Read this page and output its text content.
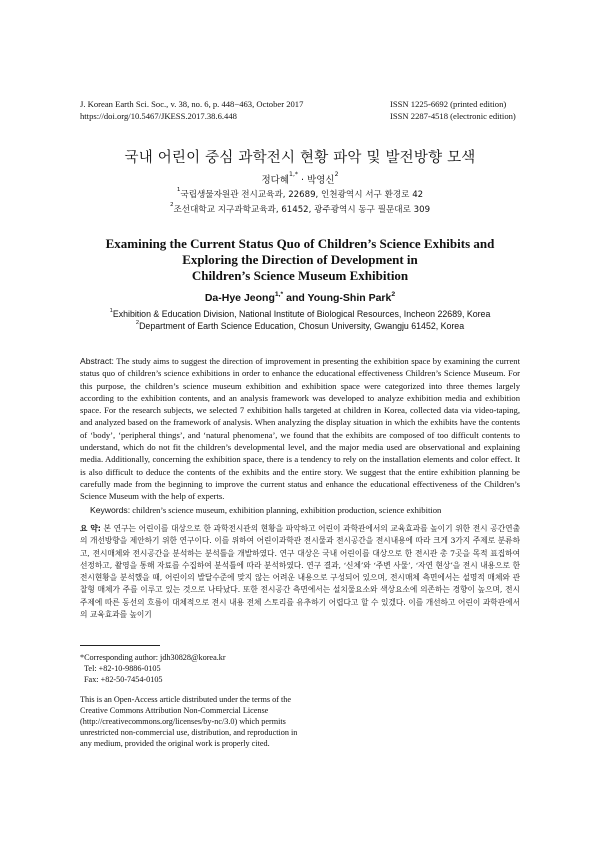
J. Korean Earth Sci. Soc., v. 38, no. 6, p. 448−463, October 2017
https://doi.org/10.5467/JKESS.2017.38.6.448
ISSN 1225-6692 (printed edition)
ISSN 2287-4518 (electronic edition)
국내 어린이 중심 과학전시 현황 파악 및 발전방향 모색
정다혜$^{1,*}$ · 박영신$^2$
$^1$국립생물자원관 전시교육과, 22689, 인천광역시 서구 환경로 42
$^2$조선대학교 지구과학교육과, 61452, 광주광역시 동구 필문대로 309
Examining the Current Status Quo of Children’s Science Exhibits and
Exploring the Direction of Development in
Children’s Science Museum Exhibition
Da-Hye Jeong$^{1,*}$ and Young-Shin Park$^2$
$^1$Exhibition & Education Division, National Institute of Biological Resources, Incheon 22689, Korea
$^2$Department of Earth Science Education, Chosun University, Gwangju 61452, Korea
Abstract: The study aims to suggest the direction of improvement in presenting the exhibition space by examining the current status quo of children’s science exhibitions in order to enhance the educational effectiveness Children’s Science Museum. For this purpose, the children’s science museum exhibition and exhibition space were categorized into three themes largely according to the exhibition contents, and an analysis framework was developed to analyze exhibition media and exhibition space. For the research subjects, we selected 7 exhibition halls targeted at children in Korea, collected data via video-taping, and analyzed based on the framework of analysis. When analyzing the display situation in which the exhibits have the contents of ‘body’, ‘peripheral things’, and ‘natural phenomena’, we found that the exhibits are composed of too difficult contents to understand, which do not fit the children’s developmental level, and the major media used are observational and explaining media. Additionally, concerning the exhibition space, there is a tendency to rely on the installation elements and color effect. It is also difficult to deduce the contents of the exhibits and the entire story. We suggest that the entire exhibition planning be carefully made from the beginning to improve the current status and enhance the educational effectiveness of the Children’s Science Museum with the help of experts.
Keywords: children’s science museum, exhibition planning, exhibition production, science exhibition
요 약: 본 연구는 어린이를 대상으로 한 과학전시관의 현황을 파악하고 어린이 과학관에서의 교육효과를 높이기 위한 전시 공간연출의 개선방향을 제안하기 위한 연구이다. 이를 위하여 어린이과학관 전시물과 전시공간을 전시내용에 따라 크게 3가지 주제로 분류하고, 전시매체와 전시공간을 분석하는 분석틀을 개발하였다. 연구 대상은 국내 어린이를 대상으로 한 전시관 총 7곳을 목적 표집하여 선정하고, 촬영을 통해 자료를 수집하여 분석틀에 따라 분석하였다. 연구 결과, ‘신체’와 ‘주변 사물’, ‘자연 현상’을 전시 내용으로 한 전시현황을 분석했을 때, 어린이의 발달수준에 맞지 않는 어려운 내용으로 구성되어 있으며, 전시매체 측면에서는 설명적 매체와 관찰형 매체가 주를 이루고 있는 것으로 나타났다. 또한 전시공간 측면에서는 설치물요소와 색상요소에 의존하는 경향이 높으며, 전시 주제에 따른 동선의 흐름이 대체적으로 전시 내용 전체 스토리를 유추하기 어렵다고 할 수 있겠다. 이를 개선하고 어린이 과학관에서의 교육효과를 높이기
*Corresponding author: jdh30828@korea.kr
Tel: +82-10-9886-0105
Fax: +82-50-7454-0105
This is an Open-Access article distributed under the terms of the Creative Commons Attribution Non-Commercial License (http://creativecommons.org/licenses/by-nc/3.0) which permits unrestricted non-commercial use, distribution, and reproduction in any medium, provided the original work is properly cited.
